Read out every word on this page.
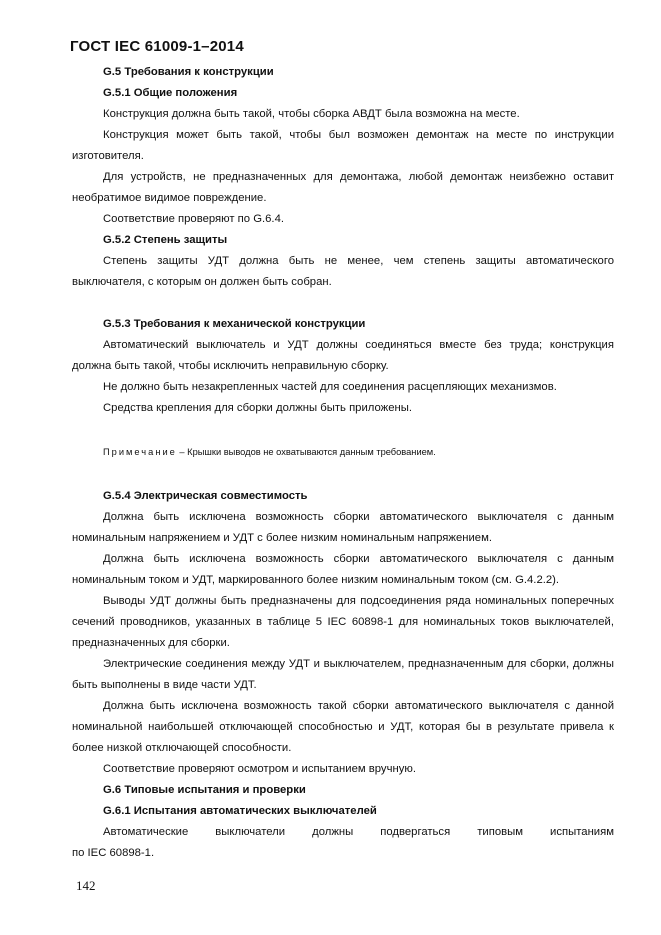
ГОСТ IEC 61009-1–2014

G.5 Требования к конструкции

G.5.1 Общие положения

Конструкция должна быть такой, чтобы сборка АВДТ была возможна на месте.

Конструкция может быть такой, чтобы был возможен демонтаж на месте по инструкции изготовителя.

Для устройств, не предназначенных для демонтажа, любой демонтаж неизбежно оставит необратимое видимое повреждение.

Соответствие проверяют по G.6.4.

G.5.2 Степень защиты

Степень защиты УДТ должна быть не менее, чем степень защиты автоматического выключателя, с которым он должен быть собран.

G.5.3 Требования к механической конструкции

Автоматический выключатель и УДТ должны соединяться вместе без труда; конструкция должна быть такой, чтобы исключить неправильную сборку.

Не должно быть незакрепленных частей для соединения расцепляющих механизмов.

Средства крепления для сборки должны быть приложены.

Примечание – Крышки выводов не охватываются данным требованием.

G.5.4 Электрическая совместимость

Должна быть исключена возможность сборки автоматического выключателя с данным номинальным напряжением и УДТ с более низким номинальным напряжением.

Должна быть исключена возможность сборки автоматического выключателя с данным номинальным током и УДТ, маркированного более низким номинальным током (см. G.4.2.2).

Выводы УДТ должны быть предназначены для подсоединения ряда номинальных поперечных сечений проводников, указанных в таблице 5 IEC 60898-1 для номинальных токов выключателей, предназначенных для сборки.

Электрические соединения между УДТ и выключателем, предназначенным для сборки, должны быть выполнены в виде части УДТ.

Должна быть исключена возможность такой сборки автоматического выключателя с данной номинальной наибольшей отключающей способностью и УДТ, которая бы в результате привела к более низкой отключающей способности.

Соответствие проверяют осмотром и испытанием вручную.

G.6 Типовые испытания и проверки

G.6.1 Испытания автоматических выключателей

Автоматические выключатели должны подвергаться типовым испытаниям

по IEC 60898-1.

142
